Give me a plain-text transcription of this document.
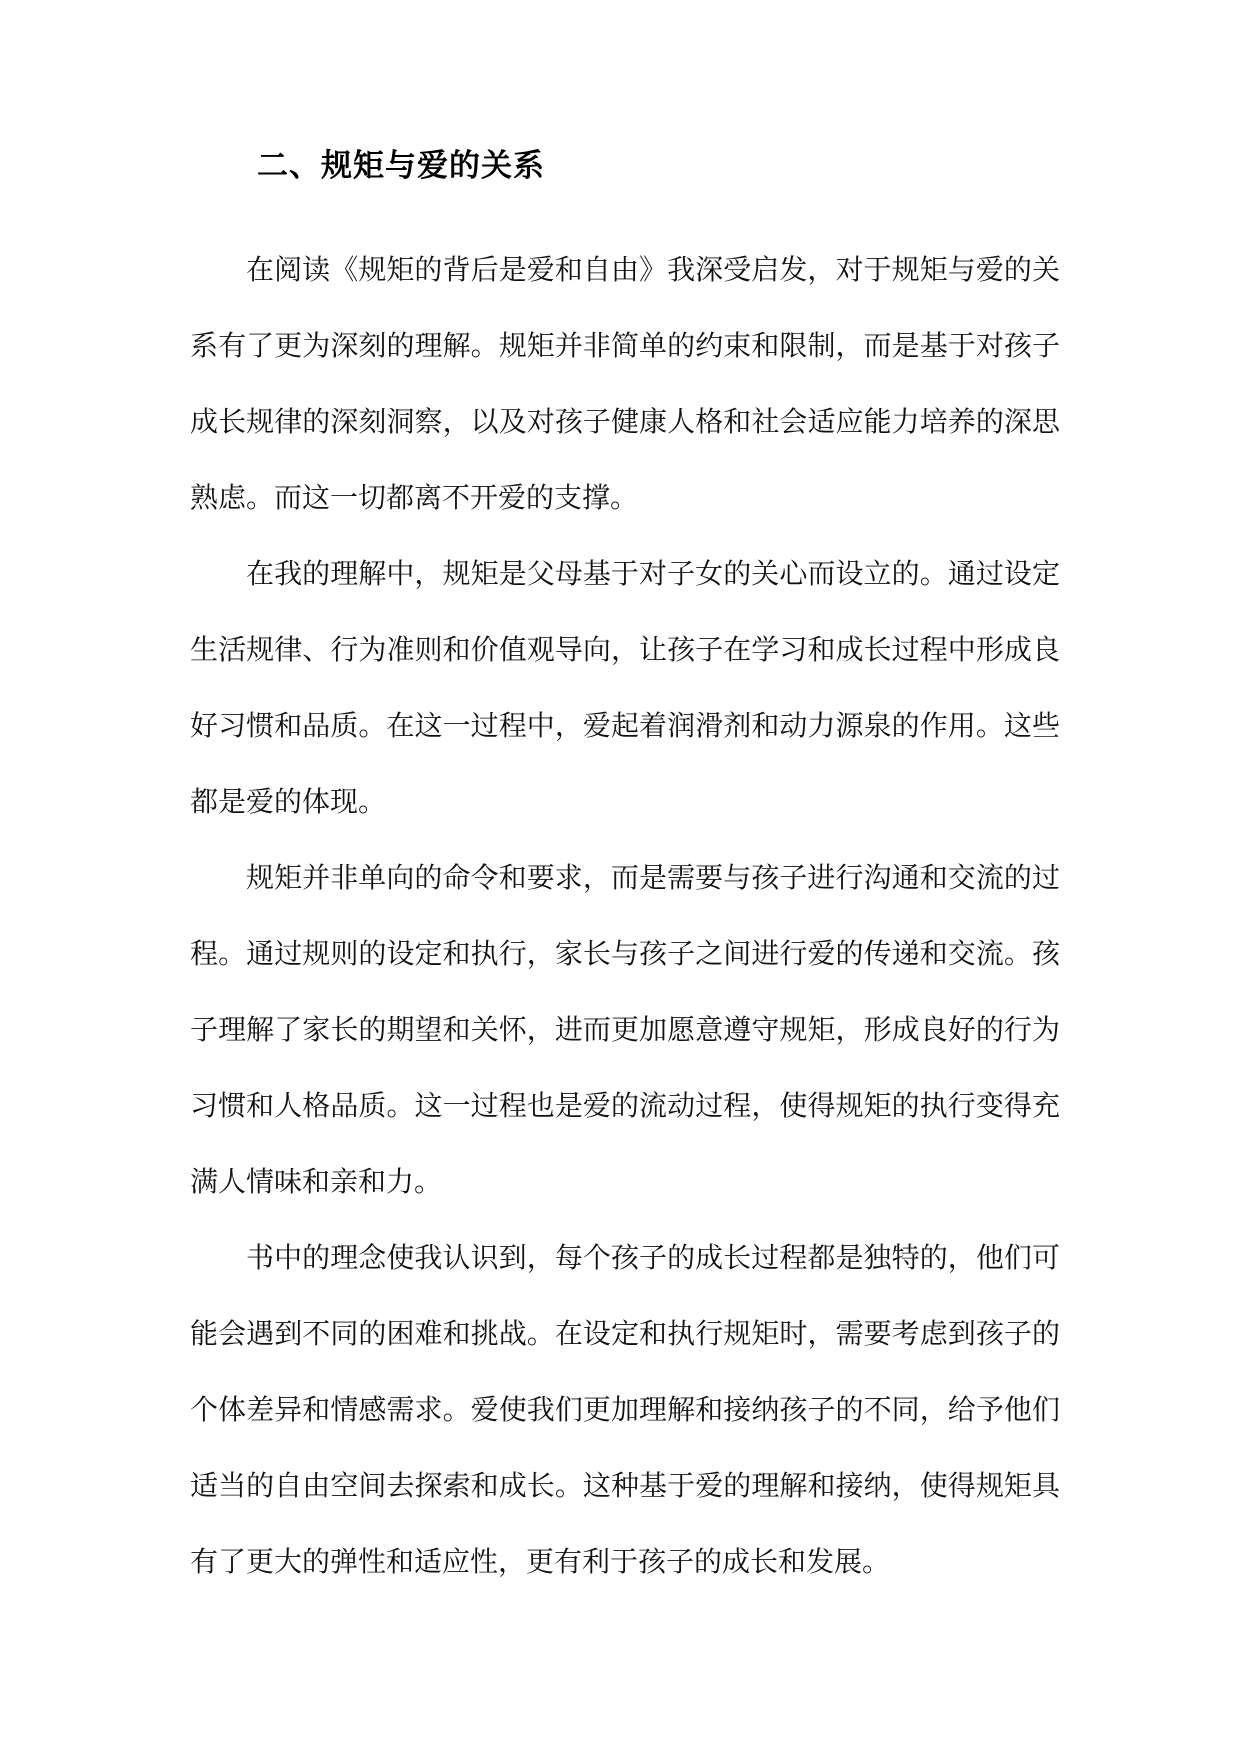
二、规矩与爱的关系

在阅读《规矩的背后是爱和自由》我深受启发，对于规矩与爱的关系有了更为深刻的理解。规矩并非简单的约束和限制，而是基于对孩子成长规律的深刻洞察，以及对孩子健康人格和社会适应能力培养的深思熟虑。而这一切都离不开爱的支撑。

在我的理解中，规矩是父母基于对子女的关心而设立的。通过设定生活规律、行为准则和价值观导向，让孩子在学习和成长过程中形成良好习惯和品质。在这一过程中，爱起着润滑剂和动力源泉的作用。这些都是爱的体现。

规矩并非单向的命令和要求，而是需要与孩子进行沟通和交流的过程。通过规则的设定和执行，家长与孩子之间进行爱的传递和交流。孩子理解了家长的期望和关怀，进而更加愿意遵守规矩，形成良好的行为习惯和人格品质。这一过程也是爱的流动过程，使得规矩的执行变得充满人情味和亲和力。

书中的理念使我认识到，每个孩子的成长过程都是独特的，他们可能会遇到不同的困难和挑战。在设定和执行规矩时，需要考虑到孩子的个体差异和情感需求。爱使我们更加理解和接纳孩子的不同，给予他们适当的自由空间去探索和成长。这种基于爱的理解和接纳，使得规矩具有了更大的弹性和适应性，更有利于孩子的成长和发展。
